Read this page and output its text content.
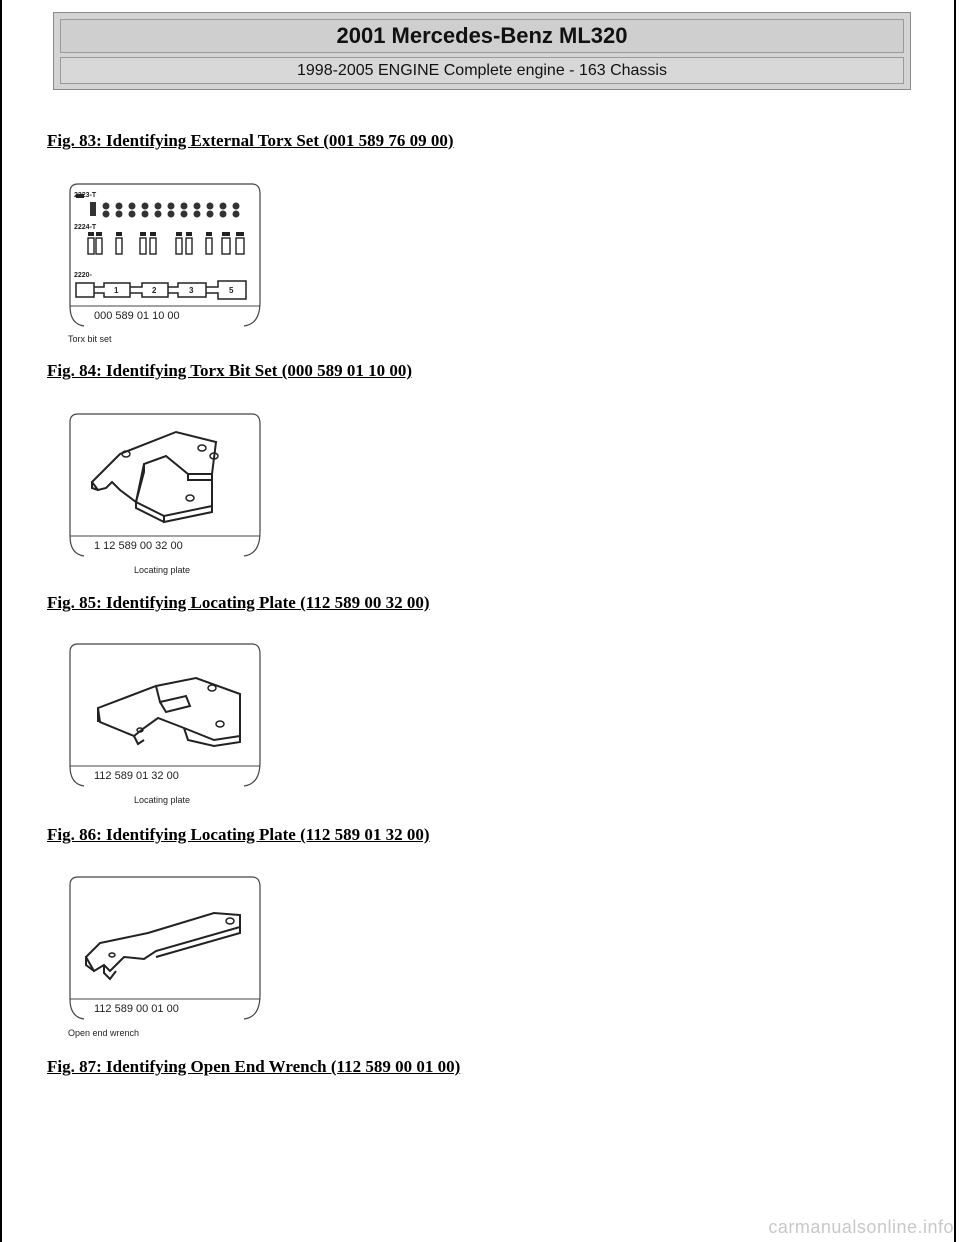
2001 Mercedes-Benz ML320
1998-2005 ENGINE Complete engine - 163 Chassis
Fig. 83: Identifying External Torx Set (001 589 76 09 00)
2223-T
2224-T
2220-
1	2	3	5
000 589 01 10 00
Torx bit set
Fig. 84: Identifying Torx Bit Set (000 589 01 10 00)
1 12 589 00 32 00
Locating plate
Fig. 85: Identifying Locating Plate (112 589 00 32 00)
112 589 01 32 00
Locating plate
Fig. 86: Identifying Locating Plate (112 589 01 32 00)
112 589 00 01 00
Open end wrench
Fig. 87: Identifying Open End Wrench (112 589 00 01 00)
carmanualsonline.info
